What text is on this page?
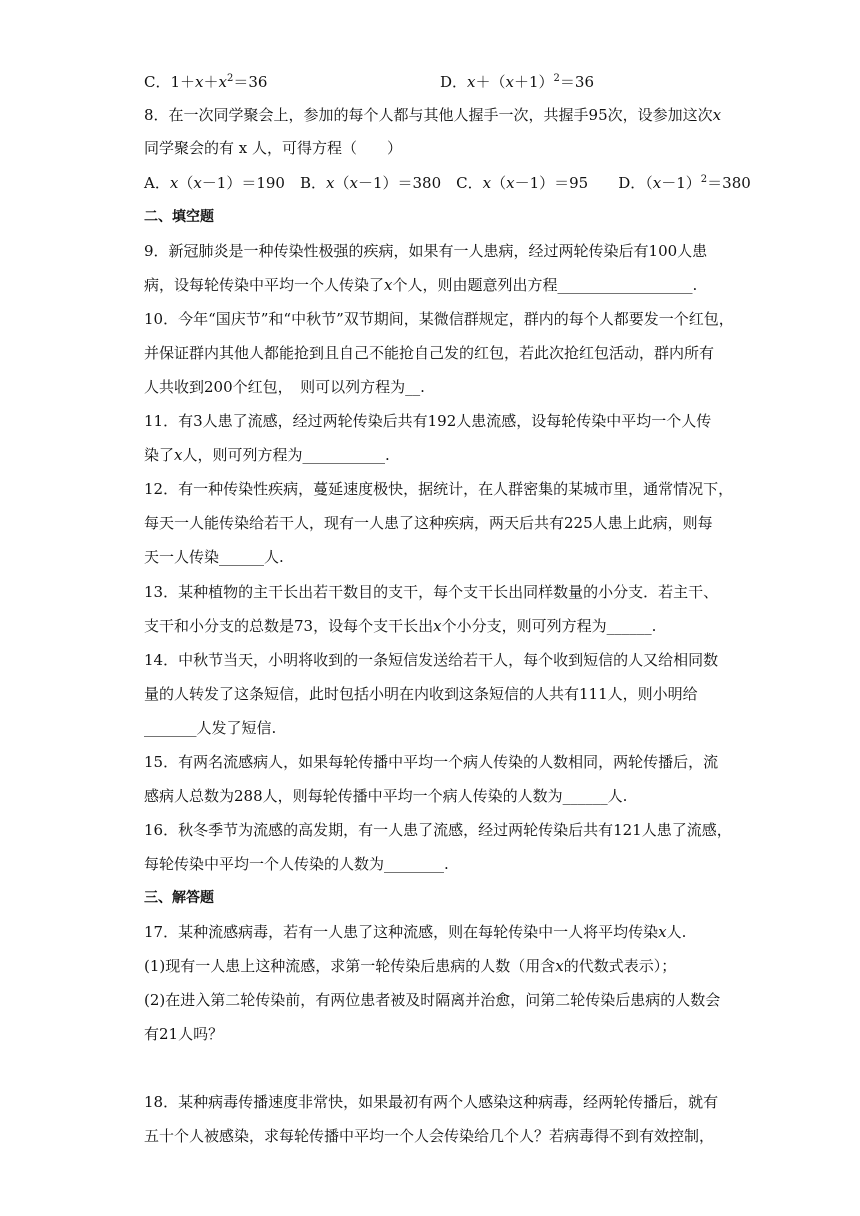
C．$1+x+x^2=36$	D．$x+(x+1)^2=36$
8．在一次同学聚会上，参加的每个人都与其他人握手一次，共握手95次，设参加这次x
同学聚会的有 x 人，可得方程（　　）
A．x（x－1）＝190　B．x（x－1）＝380　C．x（x－1）＝95　　D．$(x-1)^2=380$
二、填空题
9．新冠肺炎是一种传染性极强的疾病，如果有一人患病，经过两轮传染后有100人患
病，设每轮传染中平均一个人传染了x个人，则由题意列出方程__________________.
10．今年“国庆节”和“中秋节”双节期间，某微信群规定，群内的每个人都要发一个红包，
并保证群内其他人都能抢到且自己不能抢自己发的红包，若此次抢红包活动，群内所有
人共收到200个红包，　则可以列方程为__.
11．有3人患了流感，经过两轮传染后共有192人患流感，设每轮传染中平均一个人传
染了x人，则可列方程为___________.
12．有一种传染性疾病，蔓延速度极快，据统计，在人群密集的某城市里，通常情况下，
每天一人能传染给若干人，现有一人患了这种疾病，两天后共有225人患上此病，则每
天一人传染______人.
13．某种植物的主干长出若干数目的支干，每个支干长出同样数量的小分支．若主干、
支干和小分支的总数是73，设每个支干长出x个小分支，则可列方程为______.
14．中秋节当天，小明将收到的一条短信发送给若干人，每个收到短信的人又给相同数
量的人转发了这条短信，此时包括小明在内收到这条短信的人共有111人，则小明给
_______人发了短信.
15．有两名流感病人，如果每轮传播中平均一个病人传染的人数相同，两轮传播后，流
感病人总数为288人，则每轮传播中平均一个病人传染的人数为______人.
16．秋冬季节为流感的高发期，有一人患了流感，经过两轮传染后共有121人患了流感，
每轮传染中平均一个人传染的人数为________.
三、解答题
17．某种流感病毒，若有一人患了这种流感，则在每轮传染中一人将平均传染x人.
(1)现有一人患上这种流感，求第一轮传染后患病的人数（用含x的代数式表示）；
(2)在进入第二轮传染前，有两位患者被及时隔离并治愈，问第二轮传染后患病的人数会
有21人吗？
18．某种病毒传播速度非常快，如果最初有两个人感染这种病毒，经两轮传播后，就有
五十个人被感染，求每轮传播中平均一个人会传染给几个人？若病毒得不到有效控制，
